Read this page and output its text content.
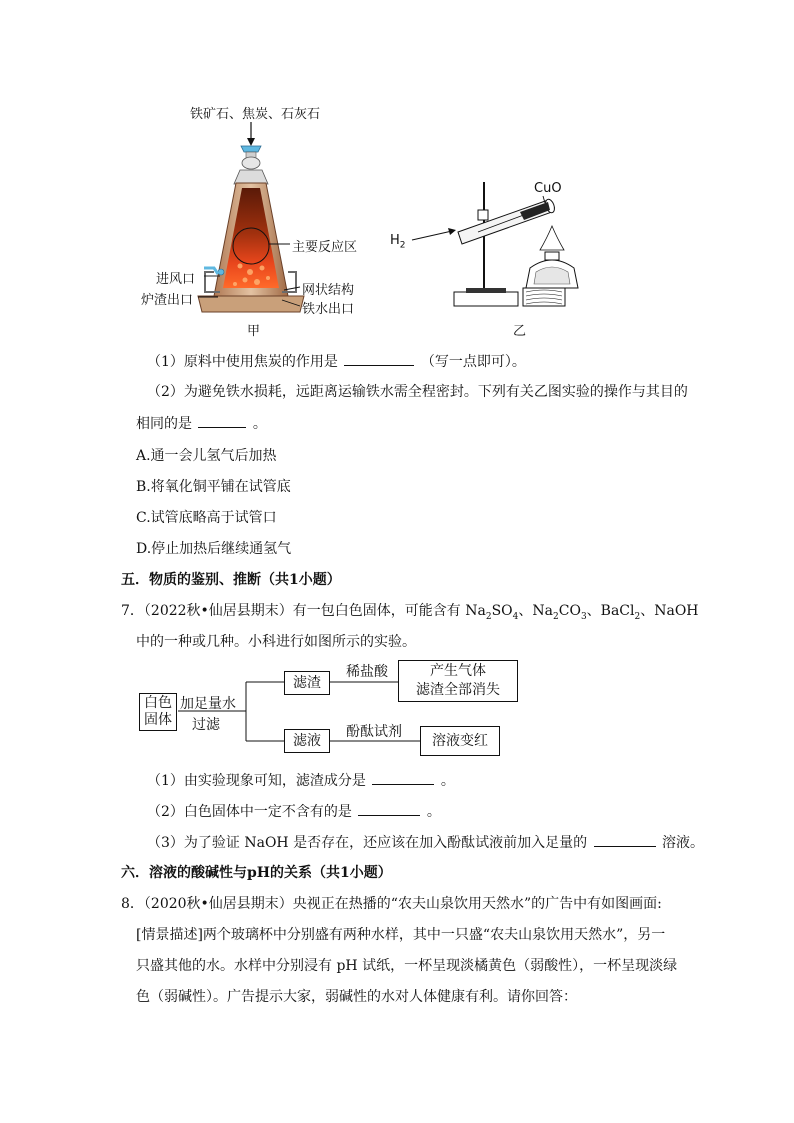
铁矿石、焦炭、石灰石
主要反应区
进风口
炉渣出口
网状结构
铁水出口
甲
CuO
$H_2$
乙
（1）原料中使用焦炭的作用是	（写一点即可）。
（2）为避免铁水损耗，远距离运输铁水需全程密封。下列有关乙图实验的操作与其目的
相同的是	。
A.通一会儿氢气后加热
B.将氧化铜平铺在试管底
C.试管底略高于试管口
D.停止加热后继续通氢气
五．物质的鉴别、推断（共1小题）
7．（2022秋•仙居县期末）有一包白色固体，可能含有 $Na_2SO_4$、$Na_2CO_3$、BaCl$_2$、NaOH
中的一种或几种。小科进行如图所示的实验。
白色
固体
加足量水
过滤
滤渣
滤液
稀盐酸
酚酞试剂
产生气体
滤渣全部消失
溶液变红
（1）由实验现象可知，滤渣成分是	。
（2）白色固体中一定不含有的是	。
（3）为了验证 NaOH 是否存在，还应该在加入酚酞试液前加入足量的	溶液。
六．溶液的酸碱性与pH的关系（共1小题）
8．（2020秋•仙居县期末）央视正在热播的“农夫山泉饮用天然水”的广告中有如图画面:
[情景描述]两个玻璃杯中分别盛有两种水样，其中一只盛“农夫山泉饮用天然水”，另一
只盛其他的水。水样中分别浸有 pH 试纸，一杯呈现淡橘黄色（弱酸性），一杯呈现淡绿
色（弱碱性）。广告提示大家，弱碱性的水对人体健康有利。请你回答：
